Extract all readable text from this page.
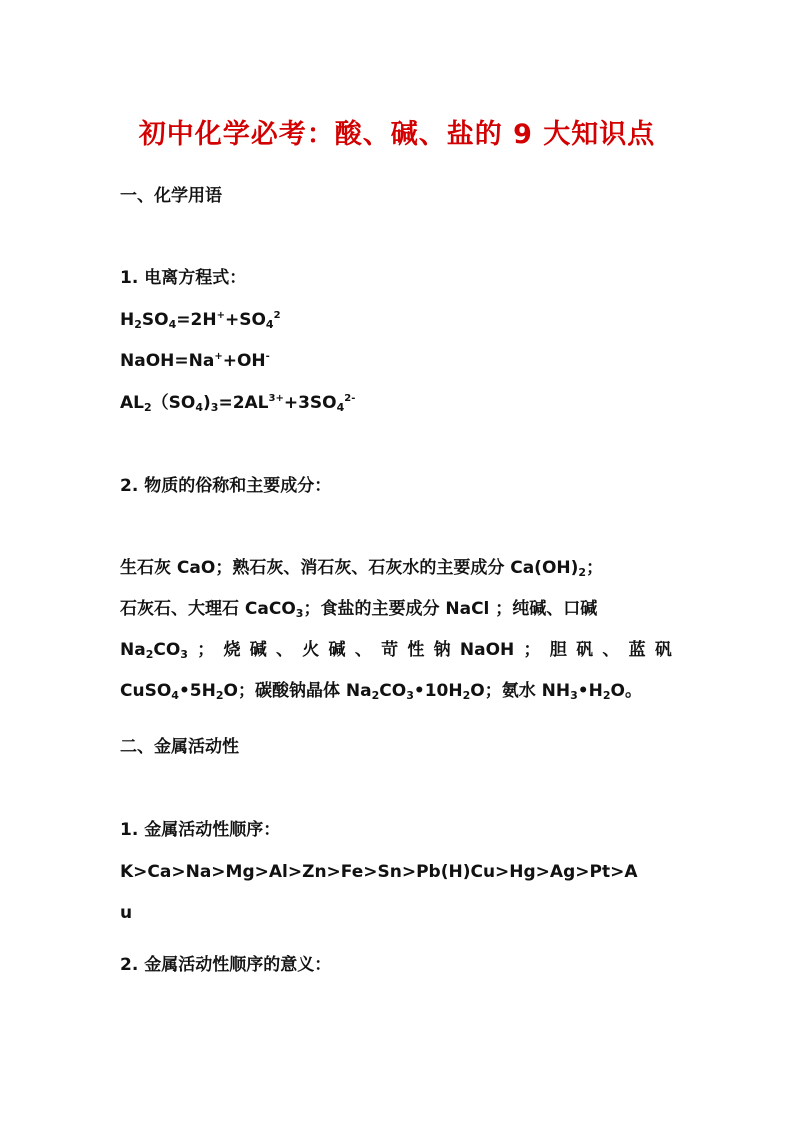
初中化学必考：酸、碱、盐的 9 大知识点
一、化学用语
1. 电离方程式：
$H_2SO_4=2H^++SO_4^2$
NaOH=Na++OH-
$AL_2(SO_4)_3=2AL^{3+}+3SO_4^{2-}$
2. 物质的俗称和主要成分：
生石灰 CaO；熟石灰、消石灰、石灰水的主要成分 $Ca(OH)_2$；
石灰石、大理石 CaCO$_3$；食盐的主要成分 NaCl ；纯碱、口碱
$Na_2CO_3$ ； 烧 碱 、 火 碱 、 苛 性 钠 NaOH ； 胆 矾 、 蓝 矾
$CuSO_4•5H_2O$；碳酸钠晶体 $Na_2CO_3•10H_2O$；氨水 $NH_3•H_2O$。
二、金属活动性
1. 金属活动性顺序：
K>Ca>Na>Mg>Al>Zn>Fe>Sn>Pb(H)Cu>Hg>Ag>Pt>A
u
2. 金属活动性顺序的意义：
